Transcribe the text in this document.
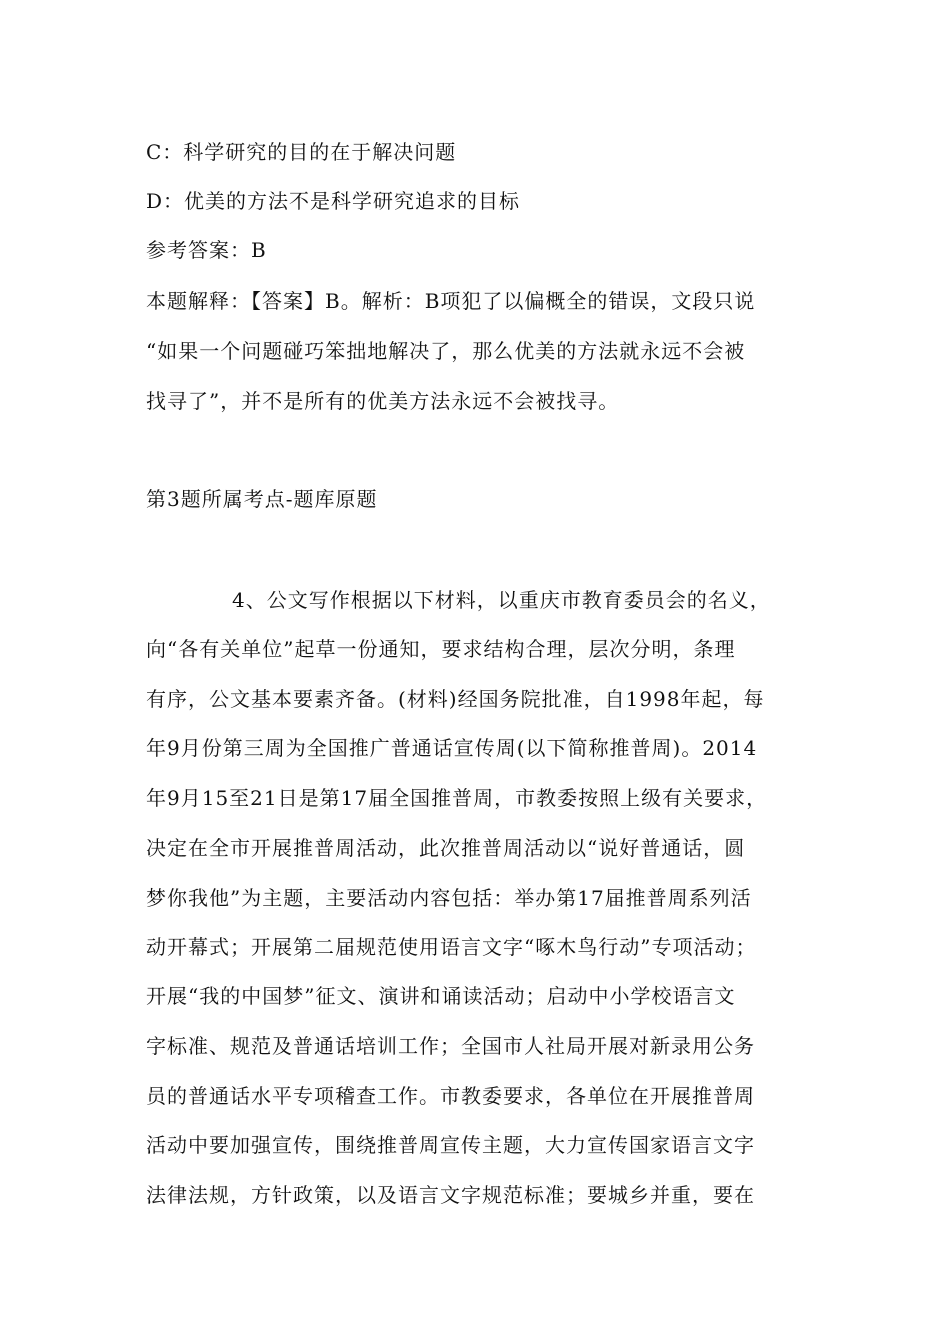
C：科学研究的目的在于解决问题
D：优美的方法不是科学研究追求的目标
参考答案：B
本题解释：【答案】B。解析：B项犯了以偏概全的错误，文段只说
“如果一个问题碰巧笨拙地解决了，那么优美的方法就永远不会被
找寻了”，并不是所有的优美方法永远不会被找寻。
第3题所属考点-题库原题
4、公文写作根据以下材料，以重庆市教育委员会的名义，
向“各有关单位”起草一份通知，要求结构合理，层次分明，条理
有序，公文基本要素齐备。(材料)经国务院批准，自1998年起，每
年9月份第三周为全国推广普通话宣传周(以下简称推普周)。2014
年9月15至21日是第17届全国推普周，市教委按照上级有关要求，
决定在全市开展推普周活动，此次推普周活动以“说好普通话，圆
梦你我他”为主题，主要活动内容包括：举办第17届推普周系列活
动开幕式；开展第二届规范使用语言文字“啄木鸟行动”专项活动；
开展“我的中国梦”征文、演讲和诵读活动；启动中小学校语言文
字标准、规范及普通话培训工作；全国市人社局开展对新录用公务
员的普通话水平专项稽查工作。市教委要求，各单位在开展推普周
活动中要加强宣传，围绕推普周宣传主题，大力宣传国家语言文字
法律法规，方针政策，以及语言文字规范标准；要城乡并重，要在
